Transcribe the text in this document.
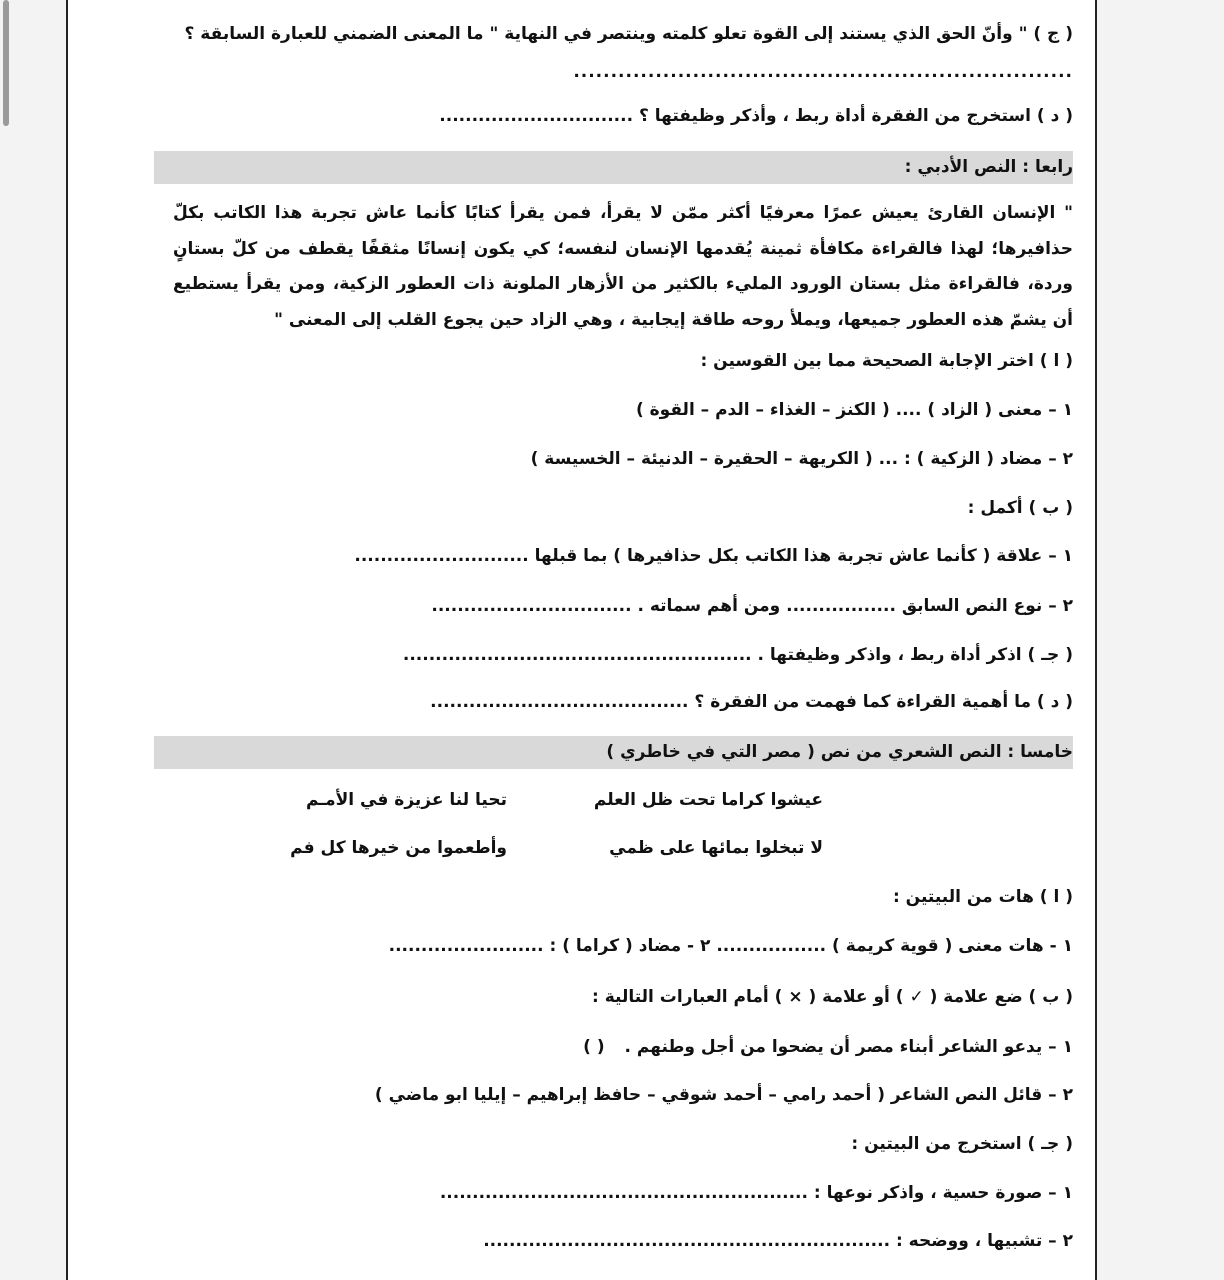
( ج ) " وأنّ الحق الذي يستند إلى القوة تعلو كلمته وينتصر في النهاية " ما المعنى الضمني للعبارة السابقة ؟
...................................................................
( د ) استخرج من الفقرة أداة ربط ، وأذكر وظيفتها ؟ ..............................
رابعا : النص الأدبي :
" الإنسان القارئ يعيش عمرًا معرفيًا أكثر ممّن لا يقرأ، فمن يقرأ كتابًا كأنما عاش تجربة هذا الكاتب بكلّ حذافيرها؛ لهذا فالقراءة مكافأة ثمينة يُقدمها الإنسان لنفسه؛ كي يكون إنسانًا مثقفًا يقطف من كلّ بستانٍ وردة، فالقراءة مثل بستان الورود المليء بالكثير من الأزهار الملونة ذات العطور الزكية، ومن يقرأ يستطيع أن يشمّ هذه العطور جميعها، ويملأ روحه طاقة إيجابية ، وهي الزاد حين يجوع القلب إلى المعنى "
( ا ) اختر الإجابة الصحيحة مما بين القوسين :
١ – معنى ( الزاد ) .... ( الكنز – الغذاء – الدم – القوة )
٢ – مضاد ( الزكية ) : ... ( الكريهة – الحقيرة – الدنيئة – الخسيسة )
( ب ) أكمل :
١ – علاقة ( كأنما عاش تجربة هذا الكاتب بكل حذافيرها ) بما قبلها ...........................
٢ – نوع النص السابق ................. ومن أهم سماته . ...............................
( جـ ) اذكر أداة ربط ، واذكر وظيفتها . ......................................................
( د ) ما أهمية القراءة كما فهمت من الفقرة ؟ ........................................
خامسا : النص الشعري من نص ( مصر التي في خاطري )
عيشوا كراما تحت ظل العلم
تحيا لنا عزيزة في الأمـم
لا تبخلوا بمائها على ظمي
وأطعموا من خيرها كل فم
( ا ) هات من البيتين :
١ - هات معنى ( قوية كريمة ) ................. ٢ - مضاد ( كراما ) : ........................
( ب ) ضع علامة ( ✓ ) أو علامة ( × ) أمام العبارات التالية :
١ – يدعو الشاعر أبناء مصر أن يضحوا من أجل وطنهم . ( )
٢ – قائل النص الشاعر ( أحمد رامي – أحمد شوقي – حافظ إبراهيم – إيليا ابو ماضي )
( جـ ) استخرج من البيتين :
١ – صورة حسية ، واذكر نوعها : .........................................................
٢ – تشبيها ، ووضحه : ...............................................................
